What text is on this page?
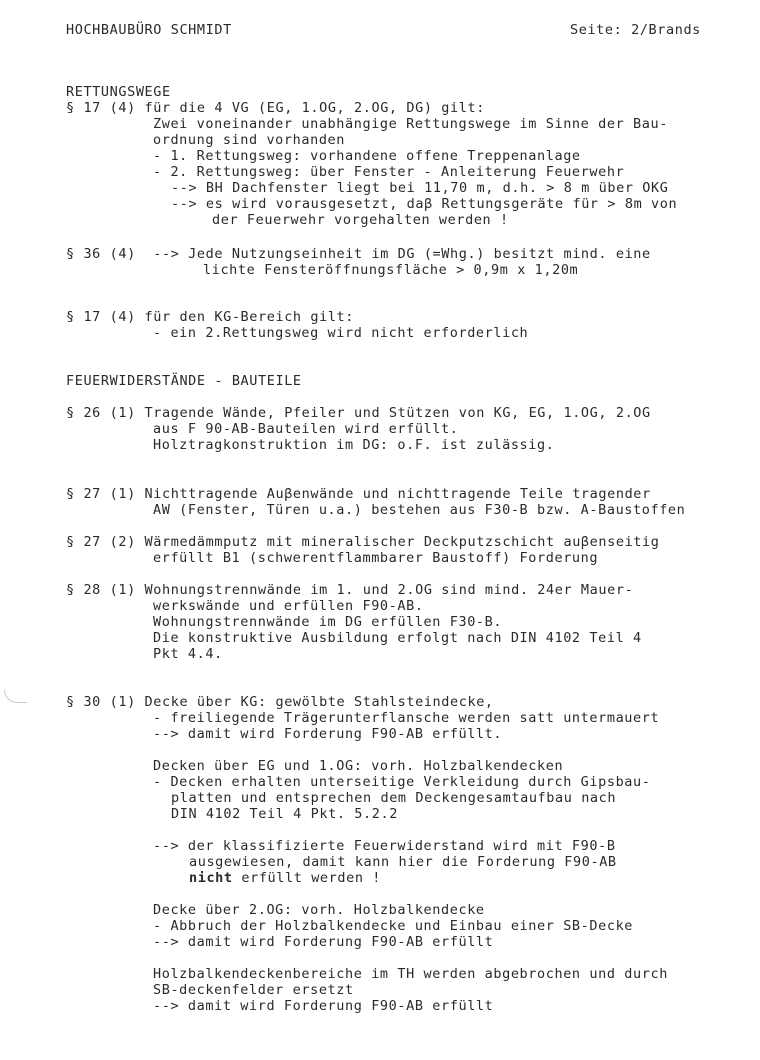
HOCHBAUBÜRO SCHMIDT	Seite: 2/Brands
RETTUNGSWEGE
§ 17 (4) für die 4 VG (EG, 1.OG, 2.OG, DG) gilt:
Zwei voneinander unabhängige Rettungswege im Sinne der Bau-
ordnung sind vorhanden
- 1. Rettungsweg: vorhandene offene Treppenanlage
- 2. Rettungsweg: über Fenster - Anleiterung Feuerwehr
--> BH Dachfenster liegt bei 11,70 m, d.h. > 8 m über OKG
--> es wird vorausgesetzt, daβ Rettungsgeräte für > 8m von
der Feuerwehr vorgehalten werden !
§ 36 (4)  --> Jede Nutzungseinheit im DG (=Whg.) besitzt mind. eine
lichte Fensteröffnungsfläche > 0,9m x 1,20m
§ 17 (4) für den KG-Bereich gilt:
- ein 2.Rettungsweg wird nicht erforderlich
FEUERWIDERSTÄNDE - BAUTEILE
§ 26 (1) Tragende Wände, Pfeiler und Stützen von KG, EG, 1.OG, 2.OG
aus F 90-AB-Bauteilen wird erfüllt.
Holztragkonstruktion im DG: o.F. ist zulässig.
§ 27 (1) Nichttragende Auβenwände und nichttragende Teile tragender
AW (Fenster, Türen u.a.) bestehen aus F30-B bzw. A-Baustoffen
§ 27 (2) Wärmedämmputz mit mineralischer Deckputzschicht auβenseitig
erfüllt B1 (schwerentflammbarer Baustoff) Forderung
§ 28 (1) Wohnungstrennwände im 1. und 2.OG sind mind. 24er Mauer-
werkswände und erfüllen F90-AB.
Wohnungstrennwände im DG erfüllen F30-B.
Die konstruktive Ausbildung erfolgt nach DIN 4102 Teil 4
Pkt 4.4.
§ 30 (1) Decke über KG: gewölbte Stahlsteindecke,
- freiliegende Trägerunterflansche werden satt untermauert
--> damit wird Forderung F90-AB erfüllt.
Decken über EG und 1.OG: vorh. Holzbalkendecken
- Decken erhalten unterseitige Verkleidung durch Gipsbau-
platten und entsprechen dem Deckengesamtaufbau nach
DIN 4102 Teil 4 Pkt. 5.2.2
--> der klassifizierte Feuerwiderstand wird mit F90-B
ausgewiesen, damit kann hier die Forderung F90-AB
nicht erfüllt werden !
Decke über 2.OG: vorh. Holzbalkendecke
- Abbruch der Holzbalkendecke und Einbau einer SB-Decke
--> damit wird Forderung F90-AB erfüllt
Holzbalkendeckenbereiche im TH werden abgebrochen und durch
SB-deckenfelder ersetzt
--> damit wird Forderung F90-AB erfüllt
